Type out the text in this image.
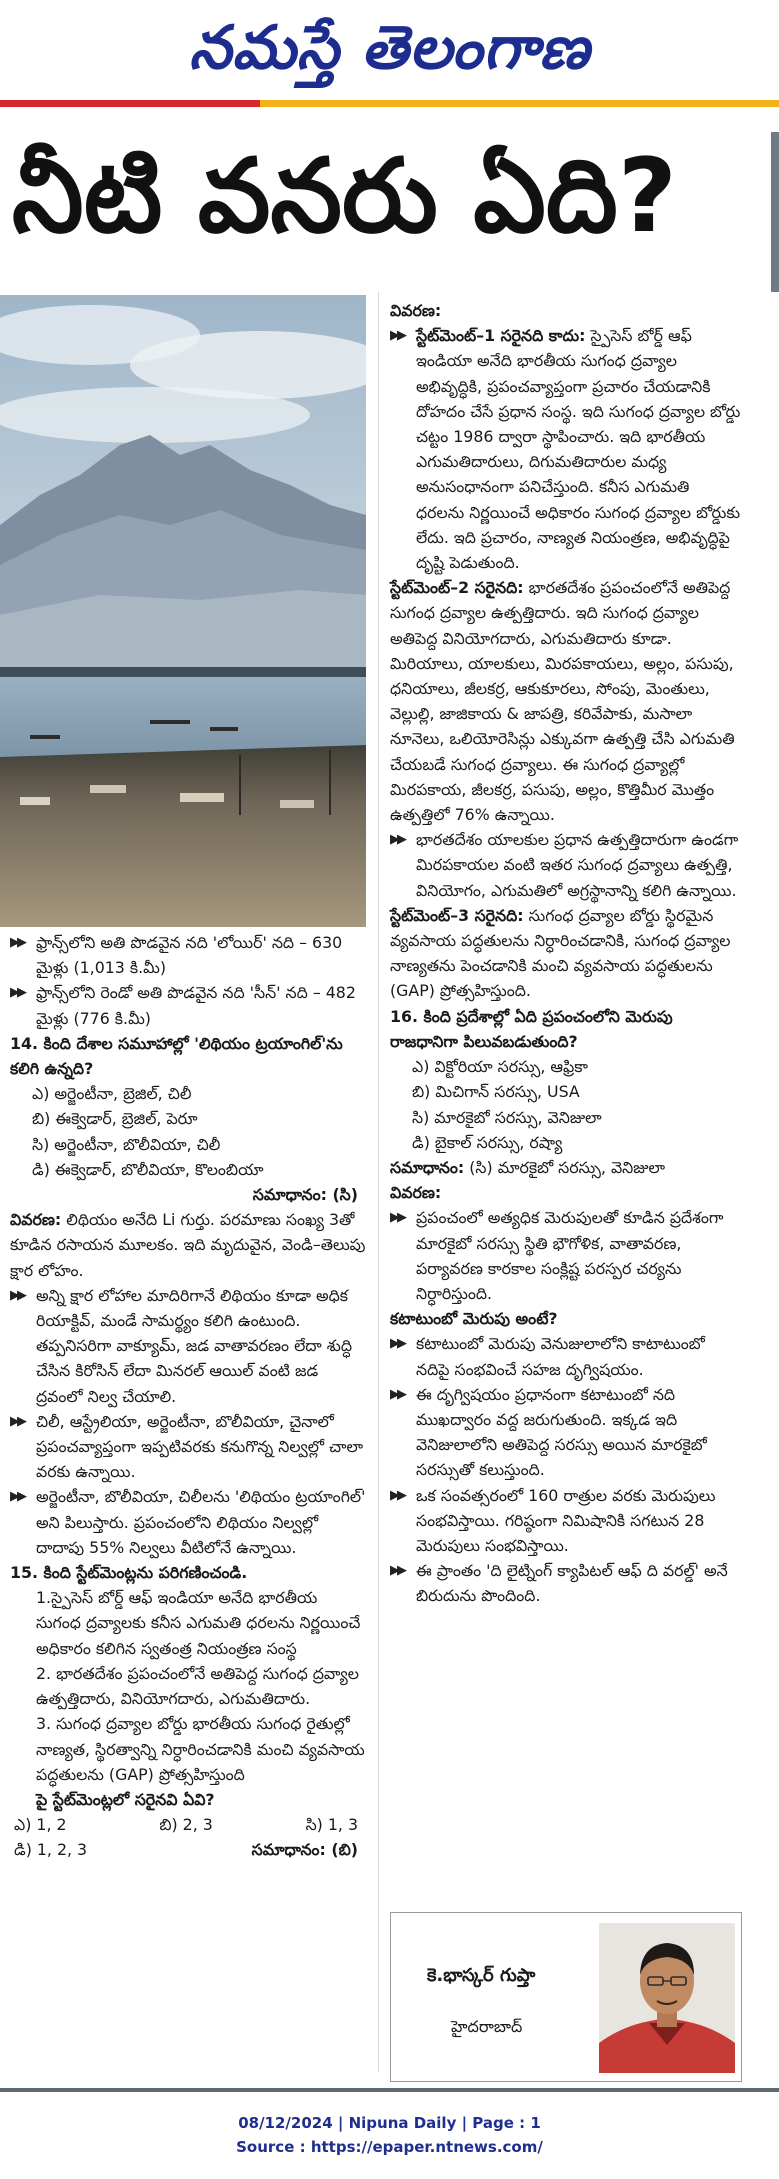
నమస్తే తెలంగాణ
నీటి వనరు ఏది?
▶▶ ఫ్రాన్స్‌లోని అతి పొడవైన నది 'లోయిర్' నది – 630 మైళ్లు (1,013 కి.మీ)
▶▶ ఫ్రాన్స్‌లోని రెండో అతి పొడవైన నది 'సీన్' నది – 482 మైళ్లు (776 కి.మీ)
14. కింది దేశాల సమూహాల్లో 'లిథియం ట్రయాంగిల్'ను కలిగి ఉన్నది?
ఎ) అర్జెంటీనా, బ్రెజిల్, చిలీ
బి) ఈక్వెడార్, బ్రెజిల్, పెరూ
సి) అర్జెంటీనా, బొలీవియా, చిలీ
డి) ఈక్వెడార్, బొలీవియా, కొలంబియా
సమాధానం: (సి)
వివరణ: లిథియం అనేది Li గుర్తు. పరమాణు సంఖ్య 3తో కూడిన రసాయన మూలకం. ఇది మృదువైన, వెండి–తెలుపు క్షార లోహం.
▶▶ అన్ని క్షార లోహాల మాదిరిగానే లిథియం కూడా అధిక రియాక్టివ్, మండే సామర్థ్యం కలిగి ఉంటుంది. తప్పనిసరిగా వాక్యూమ్, జడ వాతావరణం లేదా శుద్ధి చేసిన కిరోసిన్ లేదా మినరల్ ఆయిల్ వంటి జడ ద్రవంలో నిల్వ చేయాలి.
▶▶ చిలీ, ఆస్ట్రేలియా, అర్జెంటీనా, బొలీవియా, చైనాలో ప్రపంచవ్యాప్తంగా ఇప్పటివరకు కనుగొన్న నిల్వల్లో చాలా వరకు ఉన్నాయి.
▶▶ అర్జెంటీనా, బొలీవియా, చిలీలను 'లిథియం ట్రయాంగిల్' అని పిలుస్తారు. ప్రపంచంలోని లిథియం నిల్వల్లో దాదాపు 55% నిల్వలు వీటిలోనే ఉన్నాయి.
15. కింది స్టేట్‌మెంట్లను పరిగణించండి.
1.స్పైసెస్ బోర్డ్ ఆఫ్ ఇండియా అనేది భారతీయ సుగంధ ద్రవ్యాలకు కనీస ఎగుమతి ధరలను నిర్ణయించే అధికారం కలిగిన స్వతంత్ర నియంత్రణ సంస్థ
2. భారతదేశం ప్రపంచంలోనే అతిపెద్ద సుగంధ ద్రవ్యాల ఉత్పత్తిదారు, వినియోగదారు, ఎగుమతిదారు.
3. సుగంధ ద్రవ్యాల బోర్డు భారతీయ సుగంధ రైతుల్లో నాణ్యత, స్థిరత్వాన్ని నిర్ధారించడానికి మంచి వ్యవసాయ పద్ధతులను (GAP) ప్రోత్సహిస్తుంది
పై స్టేట్‌మెంట్లలో సరైనవి ఏవి?
ఎ) 1, 2	బి) 2, 3	సి) 1, 3
డి) 1, 2, 3	సమాధానం: (బి)
వివరణ:
▶▶ స్టేట్‌మెంట్–1 సరైనది కాదు: స్పైసెస్ బోర్డ్ ఆఫ్ ఇండియా అనేది భారతీయ సుగంధ ద్రవ్యాల అభివృద్ధికి, ప్రపంచవ్యాప్తంగా ప్రచారం చేయడానికి దోహదం చేసే ప్రధాన సంస్థ. ఇది సుగంధ ద్రవ్యాల బోర్డు చట్టం 1986 ద్వారా స్థాపించారు. ఇది భారతీయ ఎగుమతిదారులు, దిగుమతిదారుల మధ్య అనుసంధానంగా పనిచేస్తుంది. కనీస ఎగుమతి ధరలను నిర్ణయించే అధికారం సుగంధ ద్రవ్యాల బోర్డుకు లేదు. ఇది ప్రచారం, నాణ్యత నియంత్రణ, అభివృద్ధిపై దృష్టి పెడుతుంది.
స్టేట్‌మెంట్–2 సరైనది: భారతదేశం ప్రపంచంలోనే అతిపెద్ద సుగంధ ద్రవ్యాల ఉత్పత్తిదారు. ఇది సుగంధ ద్రవ్యాల అతిపెద్ద వినియోగదారు, ఎగుమతిదారు కూడా. మిరియాలు, యాలకులు, మిరపకాయలు, అల్లం, పసుపు, ధనియాలు, జీలకర్ర, ఆకుకూరలు, సోంపు, మెంతులు, వెల్లుల్లి, జాజికాయ & జాపత్రి, కరివేపాకు, మసాలా నూనెలు, ఒలియోరెసిన్లు ఎక్కువగా ఉత్పత్తి చేసి ఎగుమతి చేయబడే సుగంధ ద్రవ్యాలు. ఈ సుగంధ ద్రవ్యాల్లో మిరపకాయ, జీలకర్ర, పసుపు, అల్లం, కొత్తిమీర మొత్తం ఉత్పత్తిలో 76% ఉన్నాయి.
▶▶ భారతదేశం యాలకుల ప్రధాన ఉత్పత్తిదారుగా ఉండగా మిరపకాయల వంటి ఇతర సుగంధ ద్రవ్యాలు ఉత్పత్తి, వినియోగం, ఎగుమతిలో అగ్రస్థానాన్ని కలిగి ఉన్నాయి.
స్టేట్‌మెంట్–3 సరైనది: సుగంధ ద్రవ్యాల బోర్డు స్థిరమైన వ్యవసాయ పద్ధతులను నిర్ధారించడానికి, సుగంధ ద్రవ్యాల నాణ్యతను పెంచడానికి మంచి వ్యవసాయ పద్ధతులను (GAP) ప్రోత్సహిస్తుంది.
16. కింది ప్రదేశాల్లో ఏది ప్రపంచంలోని మెరుపు రాజధానిగా పిలువబడుతుంది?
ఎ) విక్టోరియా సరస్సు, ఆఫ్రికా
బి) మిచిగాన్ సరస్సు, USA
సి) మారకైబో సరస్సు, వెనిజులా
డి) బైకాల్ సరస్సు, రష్యా
సమాధానం: (సి) మారకైబో సరస్సు, వెనిజులా
వివరణ:
▶▶ ప్రపంచంలో అత్యధిక మెరుపులతో కూడిన ప్రదేశంగా మారకైబో సరస్సు స్థితి భౌగోళిక, వాతావరణ, పర్యావరణ కారకాల సంక్లిష్ట పరస్పర చర్యను నిర్ధారిస్తుంది.
కటాటుంబో మెరుపు అంటే?
▶▶ కటాటుంబో మెరుపు వెనుజులాలోని కాటాటుంబో నదిపై సంభవించే సహజ దృగ్విషయం.
▶▶ ఈ దృగ్విషయం ప్రధానంగా కటాటుంబో నది ముఖద్వారం వద్ద జరుగుతుంది. ఇక్కడ ఇది వెనిజులాలోని అతిపెద్ద సరస్సు అయిన మారకైబో సరస్సుతో కలుస్తుంది.
▶▶ ఒక సంవత్సరంలో 160 రాత్రుల వరకు మెరుపులు సంభవిస్తాయి. గరిష్ఠంగా నిమిషానికి సగటున 28 మెరుపులు సంభవిస్తాయి.
▶▶ ఈ ప్రాంతం 'ది లైట్నింగ్ క్యాపిటల్ ఆఫ్ ది వరల్డ్' అనే బిరుదును పొందింది.
కె.భాస్కర్ గుప్తా
హైదరాబాద్
08/12/2024 | Nipuna Daily | Page : 1
Source : https://epaper.ntnews.com/
